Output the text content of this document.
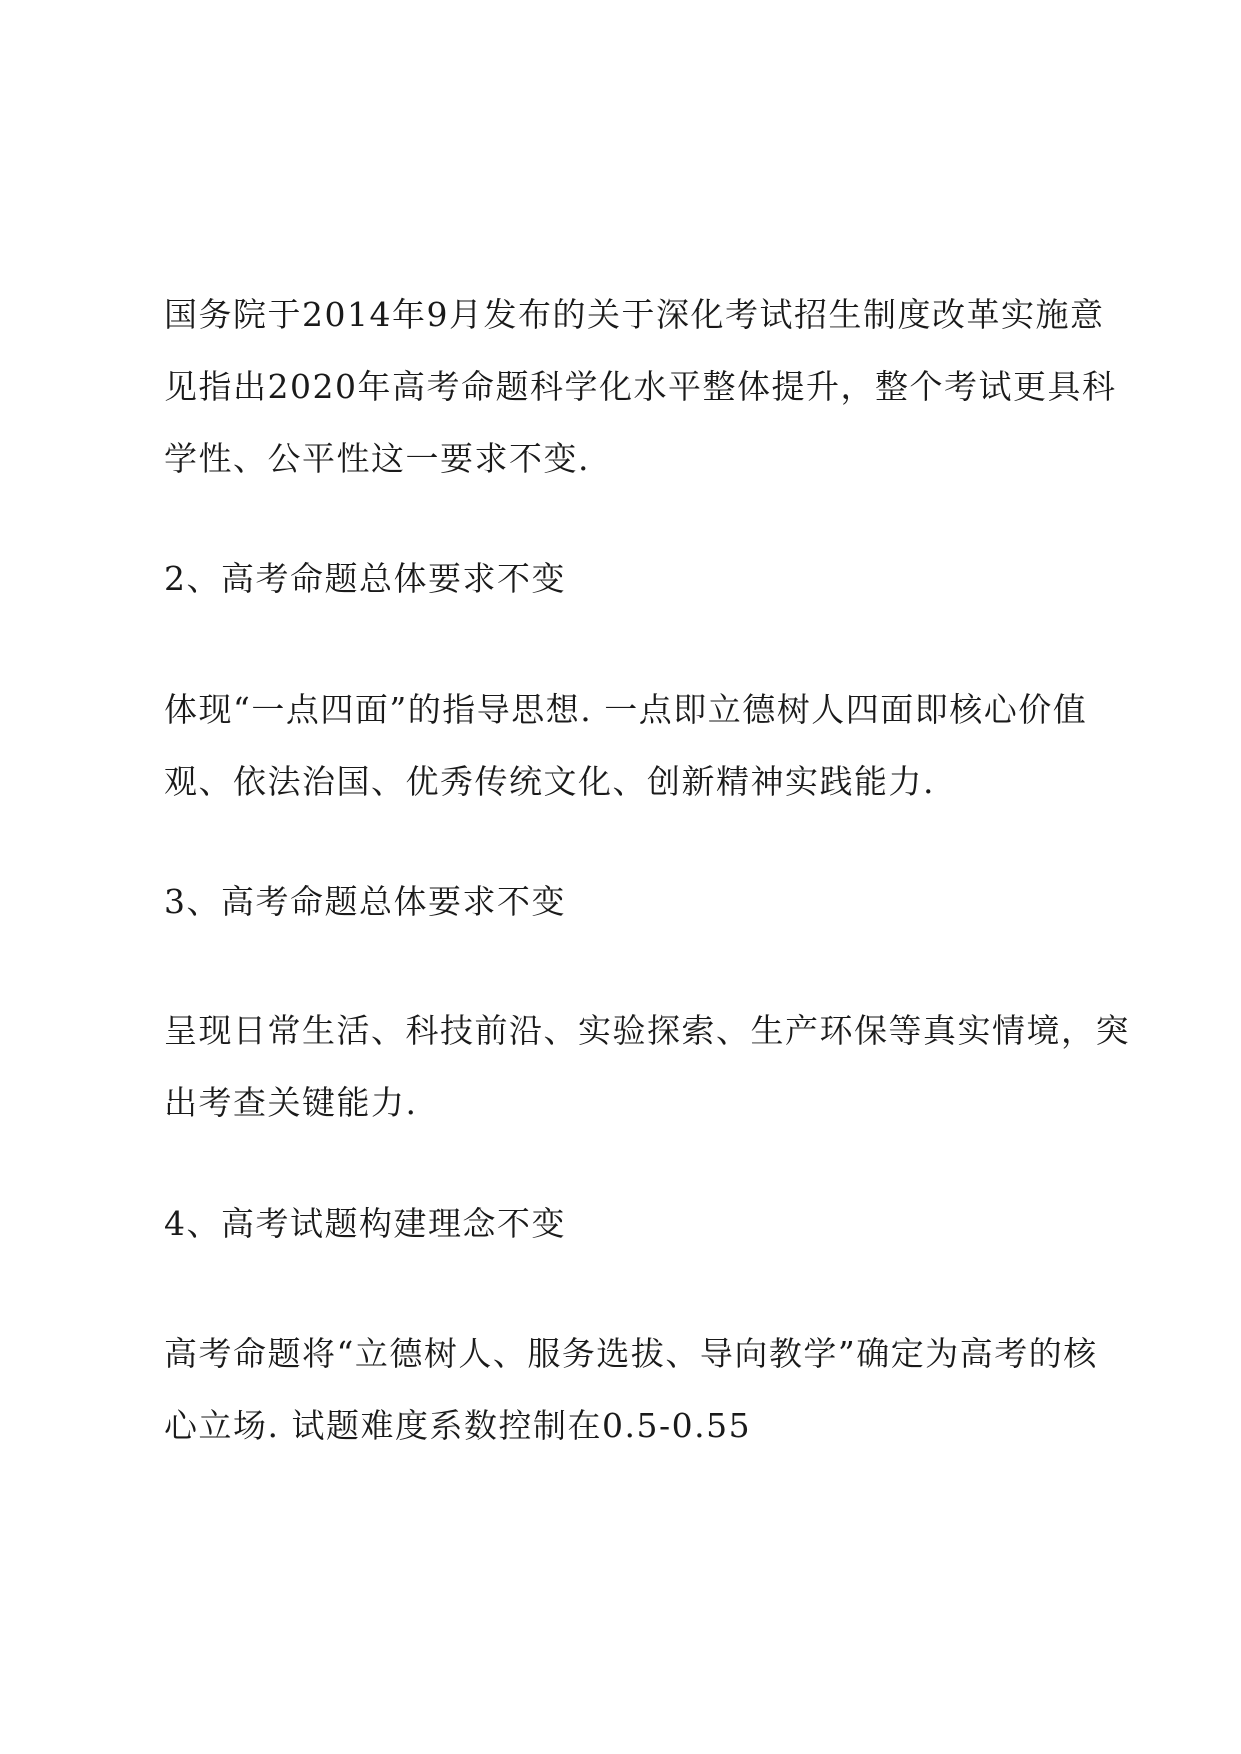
国务院于2014年9月发布的关于深化考试招生制度改革实施意
见指出2020年高考命题科学化水平整体提升，整个考试更具科
学性、公平性这一要求不变.
2、高考命题总体要求不变
体现“一点四面”的指导思想. 一点即立德树人四面即核心价值
观、依法治国、优秀传统文化、创新精神实践能力.
3、高考命题总体要求不变
呈现日常生活、科技前沿、实验探索、生产环保等真实情境，突
出考查关键能力.
4、高考试题构建理念不变
高考命题将“立德树人、服务选拔、导向教学”确定为高考的核
心立场. 试题难度系数控制在0.5-0.55
